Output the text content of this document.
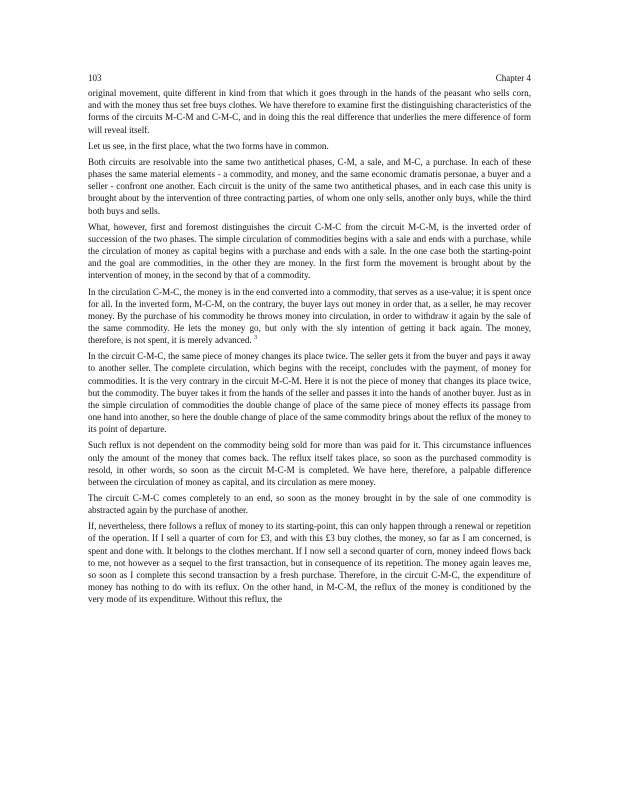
103	Chapter 4

original movement, quite different in kind from that which it goes through in the hands of the peasant who sells corn, and with the money thus set free buys clothes. We have therefore to examine first the distinguishing characteristics of the forms of the circuits M-C-M and C-M-C, and in doing this the real difference that underlies the mere difference of form will reveal itself.

Let us see, in the first place, what the two forms have in common.

Both circuits are resolvable into the same two antithetical phases, C-M, a sale, and M-C, a purchase. In each of these phases the same material elements - a commodity, and money, and the same economic dramatis personae, a buyer and a seller - confront one another. Each circuit is the unity of the same two antithetical phases, and in each case this unity is brought about by the intervention of three contracting parties, of whom one only sells, another only buys, while the third both buys and sells.

What, however, first and foremost distinguishes the circuit C-M-C from the circuit M-C-M, is the inverted order of succession of the two phases. The simple circulation of commodities begins with a sale and ends with a purchase, while the circulation of money as capital begins with a purchase and ends with a sale. In the one case both the starting-point and the goal are commodities, in the other they are money. In the first form the movement is brought about by the intervention of money, in the second by that of a commodity.

In the circulation C-M-C, the money is in the end converted into a commodity, that serves as a use-value; it is spent once for all. In the inverted form, M-C-M, on the contrary, the buyer lays out money in order that, as a seller, he may recover money. By the purchase of his commodity he throws money into circulation, in order to withdraw it again by the sale of the same commodity. He lets the money go, but only with the sly intention of getting it back again. The money, therefore, is not spent, it is merely advanced. $^3$

In the circuit C-M-C, the same piece of money changes its place twice. The seller gets it from the buyer and pays it away to another seller. The complete circulation, which begins with the receipt, concludes with the payment, of money for commodities. It is the very contrary in the circuit M-C-M. Here it is not the piece of money that changes its place twice, but the commodity. The buyer takes it from the hands of the seller and passes it into the hands of another buyer. Just as in the simple circulation of commodities the double change of place of the same piece of money effects its passage from one hand into another, so here the double change of place of the same commodity brings about the reflux of the money to its point of departure.

Such reflux is not dependent on the commodity being sold for more than was paid for it. This circumstance influences only the amount of the money that comes back. The reflux itself takes place, so soon as the purchased commodity is resold, in other words, so soon as the circuit M-C-M is completed. We have here, therefore, a palpable difference between the circulation of money as capital, and its circulation as mere money.

The circuit C-M-C comes completely to an end, so soon as the money brought in by the sale of one commodity is abstracted again by the purchase of another.

If, nevertheless, there follows a reflux of money to its starting-point, this can only happen through a renewal or repetition of the operation. If I sell a quarter of corn for £3, and with this £3 buy clothes, the money, so far as I am concerned, is spent and done with. It belongs to the clothes merchant. If I now sell a second quarter of corn, money indeed flows back to me, not however as a sequel to the first transaction, but in consequence of its repetition. The money again leaves me, so soon as I complete this second transaction by a fresh purchase. Therefore, in the circuit C-M-C, the expenditure of money has nothing to do with its reflux. On the other hand, in M-C-M, the reflux of the money is conditioned by the very mode of its expenditure. Without this reflux, the
